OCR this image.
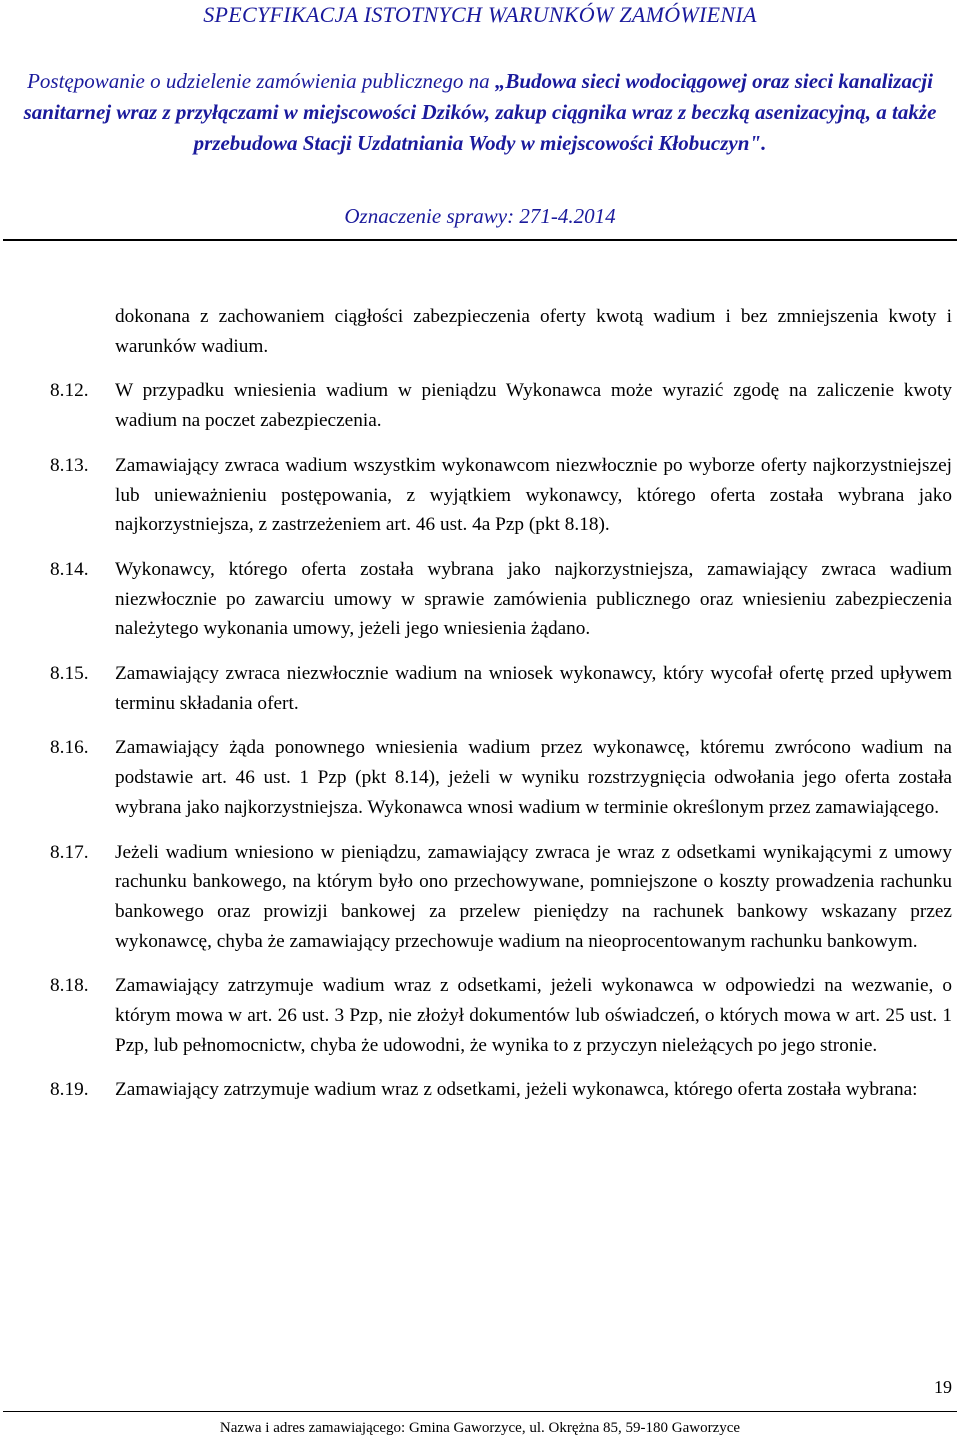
SPECYFIKACJA ISTOTNYCH WARUNKÓW ZAMÓWIENIA
Postępowanie o udzielenie zamówienia publicznego na „Budowa sieci wodociągowej oraz sieci kanalizacji sanitarnej wraz z przyłączami w miejscowości Dzików, zakup ciągnika wraz z beczką asenizacyjną, a także przebudowa Stacji Uzdatniania Wody w miejscowości Kłobuczyn".
Oznaczenie sprawy: 271-4.2014
dokonana z zachowaniem ciągłości zabezpieczenia oferty kwotą wadium i bez zmniejszenia kwoty i warunków wadium.
8.12.	W przypadku wniesienia wadium w pieniądzu Wykonawca może wyrazić zgodę na zaliczenie kwoty wadium na poczet zabezpieczenia.
8.13.	Zamawiający zwraca wadium wszystkim wykonawcom niezwłocznie po wyborze oferty najkorzystniejszej lub unieważnieniu postępowania, z wyjątkiem wykonawcy, którego oferta została wybrana jako najkorzystniejsza, z zastrzeżeniem art. 46 ust. 4a Pzp (pkt 8.18).
8.14.	Wykonawcy, którego oferta została wybrana jako najkorzystniejsza, zamawiający zwraca wadium niezwłocznie po zawarciu umowy w sprawie zamówienia publicznego oraz wniesieniu zabezpieczenia należytego wykonania umowy, jeżeli jego wniesienia żądano.
8.15.	Zamawiający zwraca niezwłocznie wadium na wniosek wykonawcy, który wycofał ofertę przed upływem terminu składania ofert.
8.16.	Zamawiający żąda ponownego wniesienia wadium przez wykonawcę, któremu zwrócono wadium na podstawie art. 46 ust. 1 Pzp (pkt 8.14), jeżeli w wyniku rozstrzygnięcia odwołania jego oferta została wybrana jako najkorzystniejsza. Wykonawca wnosi wadium w terminie określonym przez zamawiającego.
8.17.	Jeżeli wadium wniesiono w pieniądzu, zamawiający zwraca je wraz z odsetkami wynikającymi z umowy rachunku bankowego, na którym było ono przechowywane, pomniejszone o koszty prowadzenia rachunku bankowego oraz prowizji bankowej za przelew pieniędzy na rachunek bankowy wskazany przez wykonawcę, chyba że zamawiający przechowuje wadium na nieoprocentowanym rachunku bankowym.
8.18.	Zamawiający zatrzymuje wadium wraz z odsetkami, jeżeli wykonawca w odpowiedzi na wezwanie, o którym mowa w art. 26 ust. 3 Pzp, nie złożył dokumentów lub oświadczeń, o których mowa w art. 25 ust. 1 Pzp, lub pełnomocnictw, chyba że udowodni, że wynika to z przyczyn nieleżących po jego stronie.
8.19.	Zamawiający zatrzymuje wadium wraz z odsetkami, jeżeli wykonawca, którego oferta została wybrana:
19
Nazwa i adres zamawiającego: Gmina Gaworzyce, ul. Okrężna 85, 59-180 Gaworzyce
